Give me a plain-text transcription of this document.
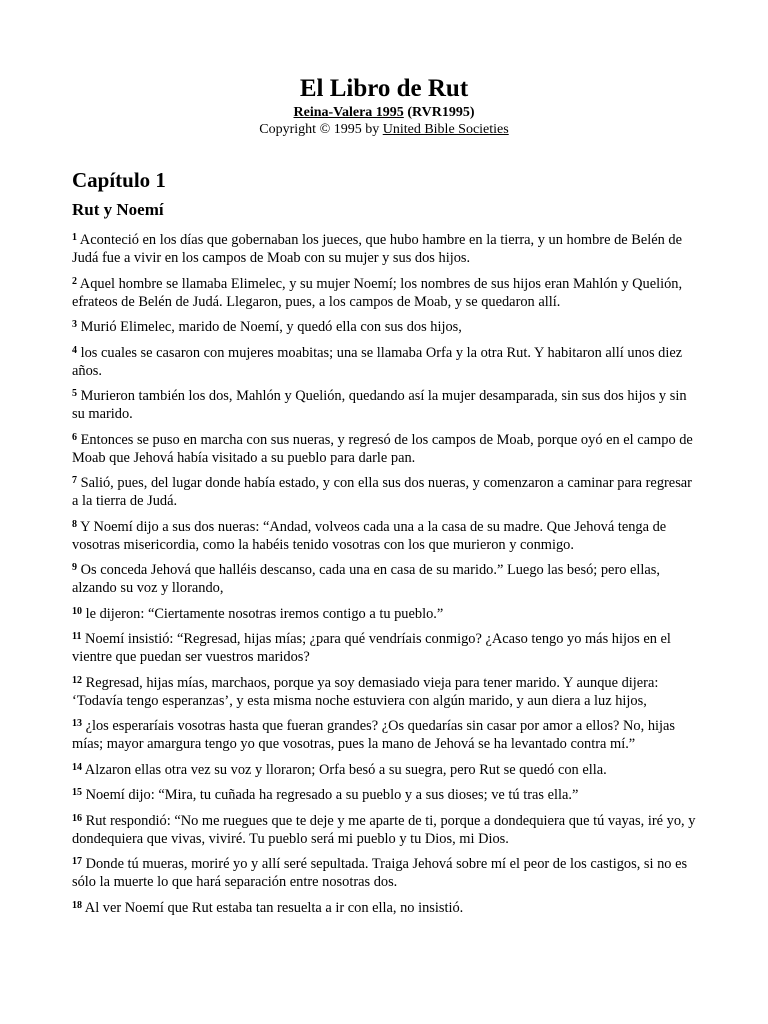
El Libro de Rut

Reina-Valera 1995 (RVR1995)

Copyright © 1995 by United Bible Societies

Capítulo 1
Rut y Noemí

$^1$ Aconteció en los días que gobernaban los jueces, que hubo hambre en la tierra, y un hombre de Belén de Judá fue a vivir en los campos de Moab con su mujer y sus dos hijos.

$^2$ Aquel hombre se llamaba Elimelec, y su mujer Noemí; los nombres de sus hijos eran Mahlón y Quelión, efrateos de Belén de Judá. Llegaron, pues, a los campos de Moab, y se quedaron allí.

$^3$ Murió Elimelec, marido de Noemí, y quedó ella con sus dos hijos,

$^4$ los cuales se casaron con mujeres moabitas; una se llamaba Orfa y la otra Rut. Y habitaron allí unos diez años.

$^5$ Murieron también los dos, Mahlón y Quelión, quedando así la mujer desamparada, sin sus dos hijos y sin su marido.

$^6$ Entonces se puso en marcha con sus nueras, y regresó de los campos de Moab, porque oyó en el campo de Moab que Jehová había visitado a su pueblo para darle pan.

$^7$ Salió, pues, del lugar donde había estado, y con ella sus dos nueras, y comenzaron a caminar para regresar a la tierra de Judá.

$^8$ Y Noemí dijo a sus dos nueras: “Andad, volveos cada una a la casa de su madre. Que Jehová tenga de vosotras misericordia, como la habéis tenido vosotras con los que murieron y conmigo.

$^9$ Os conceda Jehová que halléis descanso, cada una en casa de su marido.” Luego las besó; pero ellas, alzando su voz y llorando,

$^{10}$ le dijeron: “Ciertamente nosotras iremos contigo a tu pueblo.”

$^{11}$ Noemí insistió: “Regresad, hijas mías; ¿para qué vendríais conmigo? ¿Acaso tengo yo más hijos en el vientre que puedan ser vuestros maridos?

$^{12}$ Regresad, hijas mías, marchaos, porque ya soy demasiado vieja para tener marido. Y aunque dijera: ‘Todavía tengo esperanzas’, y esta misma noche estuviera con algún marido, y aun diera a luz hijos,

$^{13}$ ¿los esperaríais vosotras hasta que fueran grandes? ¿Os quedarías sin casar por amor a ellos? No, hijas mías; mayor amargura tengo yo que vosotras, pues la mano de Jehová se ha levantado contra mí.”

$^{14}$ Alzaron ellas otra vez su voz y lloraron; Orfa besó a su suegra, pero Rut se quedó con ella.

$^{15}$ Noemí dijo: “Mira, tu cuñada ha regresado a su pueblo y a sus dioses; ve tú tras ella.”

$^{16}$ Rut respondió: “No me ruegues que te deje y me aparte de ti, porque a dondequiera que tú vayas, iré yo, y dondequiera que vivas, viviré. Tu pueblo será mi pueblo y tu Dios, mi Dios.

$^{17}$ Donde tú mueras, moriré yo y allí seré sepultada. Traiga Jehová sobre mí el peor de los castigos, si no es sólo la muerte lo que hará separación entre nosotras dos.

$^{18}$ Al ver Noemí que Rut estaba tan resuelta a ir con ella, no insistió.
